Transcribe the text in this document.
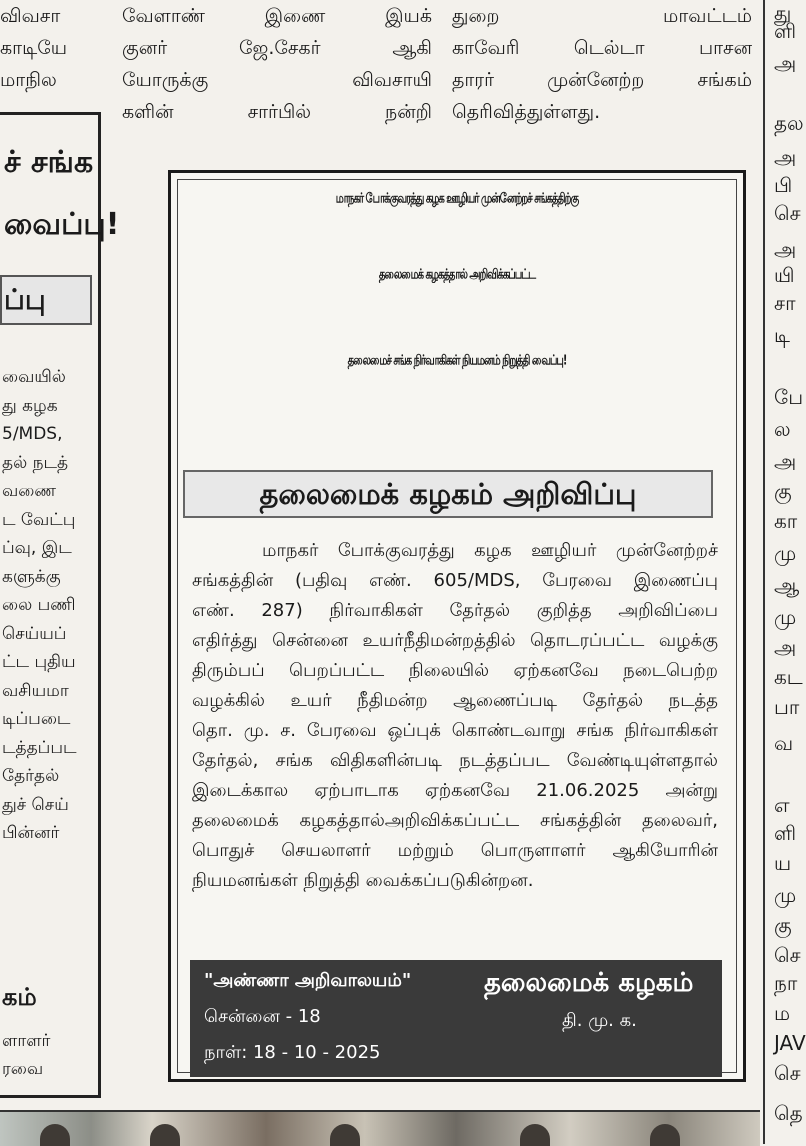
விவசா
காடியே
மாநில
வேளாண் இணை இயக்
குனர் ஜே.சேகர் ஆகி
யோருக்கு விவசாயி
களின் சார்பில் நன்றி
துறை மாவட்டம்
காவேரி டெல்டா பாசன
தாரர் முன்னேற்ற சங்கம்
தெரிவித்துள்ளது.
ச் சங்க
வைப்பு!
ப்பு
வையில்
து கழக
5/MDS,
தல் நடத்
வணை
ட வேட்பு
ப்வு, இட
களுக்கு
லை பணி
செய்யப்
ட்ட புதிய
வசியமா
டிப்படை
டத்தப்பட
தேர்தல்
துச் செய்
பின்னர்
கம்
ளாளர்
ரவை
மாநகர் போக்குவரத்து கழக ஊழியர் முன்னேற்றச் சங்கத்திற்கு
தலைமைக் கழகத்தால் அறிவிக்கப்பட்ட
தலைமைச் சங்க நிர்வாகிகள் நியமனம் நிறுத்தி வைப்பு!
தலைமைக் கழகம் அறிவிப்பு
மாநகர் போக்குவரத்து கழக ஊழியர் முன்னேற்றச்
சங்கத்தின் (பதிவு எண். 605/MDS, பேரவை இணைப்பு
எண். 287) நிர்வாகிகள் தேர்தல் குறித்த அறிவிப்பை
எதிர்த்து சென்னை உயர்நீதிமன்றத்தில் தொடரப்பட்ட வழக்கு
திரும்பப் பெறப்பட்ட நிலையில் ஏற்கனவே நடைபெற்ற
வழக்கில் உயர் நீதிமன்ற ஆணைப்படி தேர்தல் நடத்த
தொ. மு. ச. பேரவை ஒப்புக் கொண்டவாறு சங்க நிர்வாகிகள்
தேர்தல், சங்க விதிகளின்படி நடத்தப்பட வேண்டியுள்ளதால்
இடைக்கால ஏற்பாடாக ஏற்கனவே 21.06.2025 அன்று
தலைமைக் கழகத்தால்அறிவிக்கப்பட்ட சங்கத்தின் தலைவர்,
பொதுச் செயலாளர் மற்றும் பொருளாளர் ஆகியோரின்
நியமனங்கள் நிறுத்தி வைக்கப்படுகின்றன.
"அண்ணா அறிவாலயம்"
சென்னை - 18
நாள்: 18 - 10 - 2025
தலைமைக் கழகம்
தி. மு. க.
து
ளி
அ
தல
அ
பி
செ
அ
யி
சா
டி
பே
ல
அ
கு
கா
மு
ஆ
மு
அ
கட
பா
வ
எ
ளி
ய
மு
கு
செ
நா
ம
JAV
செ
தெ
